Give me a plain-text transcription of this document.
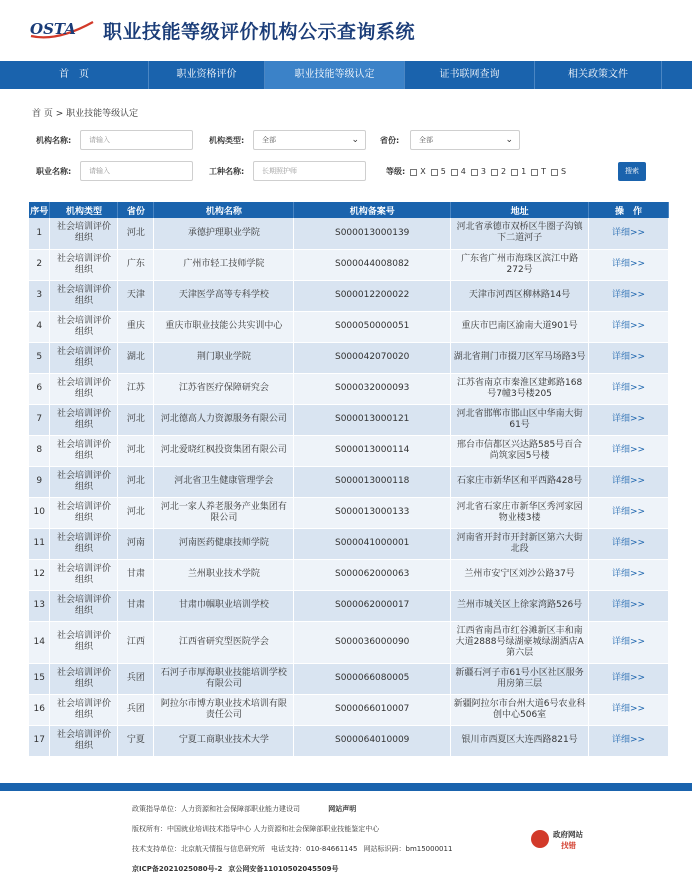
OSTA 职业技能等级评价机构公示查询系统
首　页	职业资格评价	职业技能等级认定	证书联网查询	相关政策文件
首 页 > 职业技能等级认定
机构名称:	请输入	机构类型:	全部	⌄	省份:	全部	⌄
职业名称:	请输入	工种名称:	长期照护师	等级: X 5 4 3 2 1 T S	搜索
序号	机构类型	省份	机构名称	机构备案号	地址	操　作
1	社会培训评价组织	河北	承德护理职业学院	S000013000139	河北省承德市双桥区牛圈子沟镇下二道河子	详细>>
2	社会培训评价组织	广东	广州市轻工技师学院	S000044008082	广东省广州市海珠区滨江中路272号	详细>>
3	社会培训评价组织	天津	天津医学高等专科学校	S000012200022	天津市河西区柳林路14号	详细>>
4	社会培训评价组织	重庆	重庆市职业技能公共实训中心	S000050000051	重庆市巴南区渝南大道901号	详细>>
5	社会培训评价组织	湖北	荆门职业学院	S000042070020	湖北省荆门市掇刀区军马场路3号	详细>>
6	社会培训评价组织	江苏	江苏省医疗保障研究会	S000032000093	江苏省南京市秦淮区建邺路168号7幢3号楼205	详细>>
7	社会培训评价组织	河北	河北德高人力资源服务有限公司	S000013000121	河北省邯郸市邯山区中华南大街61号	详细>>
8	社会培训评价组织	河北	河北爱晓红枫投资集团有限公司	S000013000114	邢台市信都区兴达路585号百合尚筑家园5号楼	详细>>
9	社会培训评价组织	河北	河北省卫生健康管理学会	S000013000118	石家庄市新华区和平西路428号	详细>>
10	社会培训评价组织	河北	河北一家人养老服务产业集团有限公司	S000013000133	河北省石家庄市新华区秀河家园物业楼3楼	详细>>
11	社会培训评价组织	河南	河南医药健康技师学院	S000041000001	河南省开封市开封新区第六大街北段	详细>>
12	社会培训评价组织	甘肃	兰州职业技术学院	S000062000063	兰州市安宁区刘沙公路37号	详细>>
13	社会培训评价组织	甘肃	甘肃巾帼职业培训学校	S000062000017	兰州市城关区上徐家湾路526号	详细>>
14	社会培训评价组织	江西	江西省研究型医院学会	S000036000090	江西省南昌市红谷滩新区丰和南大道2888号绿湖豪城绿湖酒店A第六层	详细>>
15	社会培训评价组织	兵团	石河子市厚海职业技能培训学校有限公司	S000066080005	新疆石河子市61号小区社区服务用房第三层	详细>>
16	社会培训评价组织	兵团	阿拉尔市博方职业技术培训有限责任公司	S000066010007	新疆阿拉尔市台州大道6号农业科创中心506室	详细>>
17	社会培训评价组织	宁夏	宁夏工商职业技术大学	S000064010009	银川市西夏区大连西路821号	详细>>
政策指导单位：人力资源和社会保障部职业能力建设司	网站声明
版权所有：中国就业培训技术指导中心 人力资源和社会保障部职业技能鉴定中心
技术支持单位：北京航天情报与信息研究所 电话支持：010-84661145 网站标识码：bm15000011
京ICP备2021025080号-2 京公网安备11010502045509号
政府网站
找错
